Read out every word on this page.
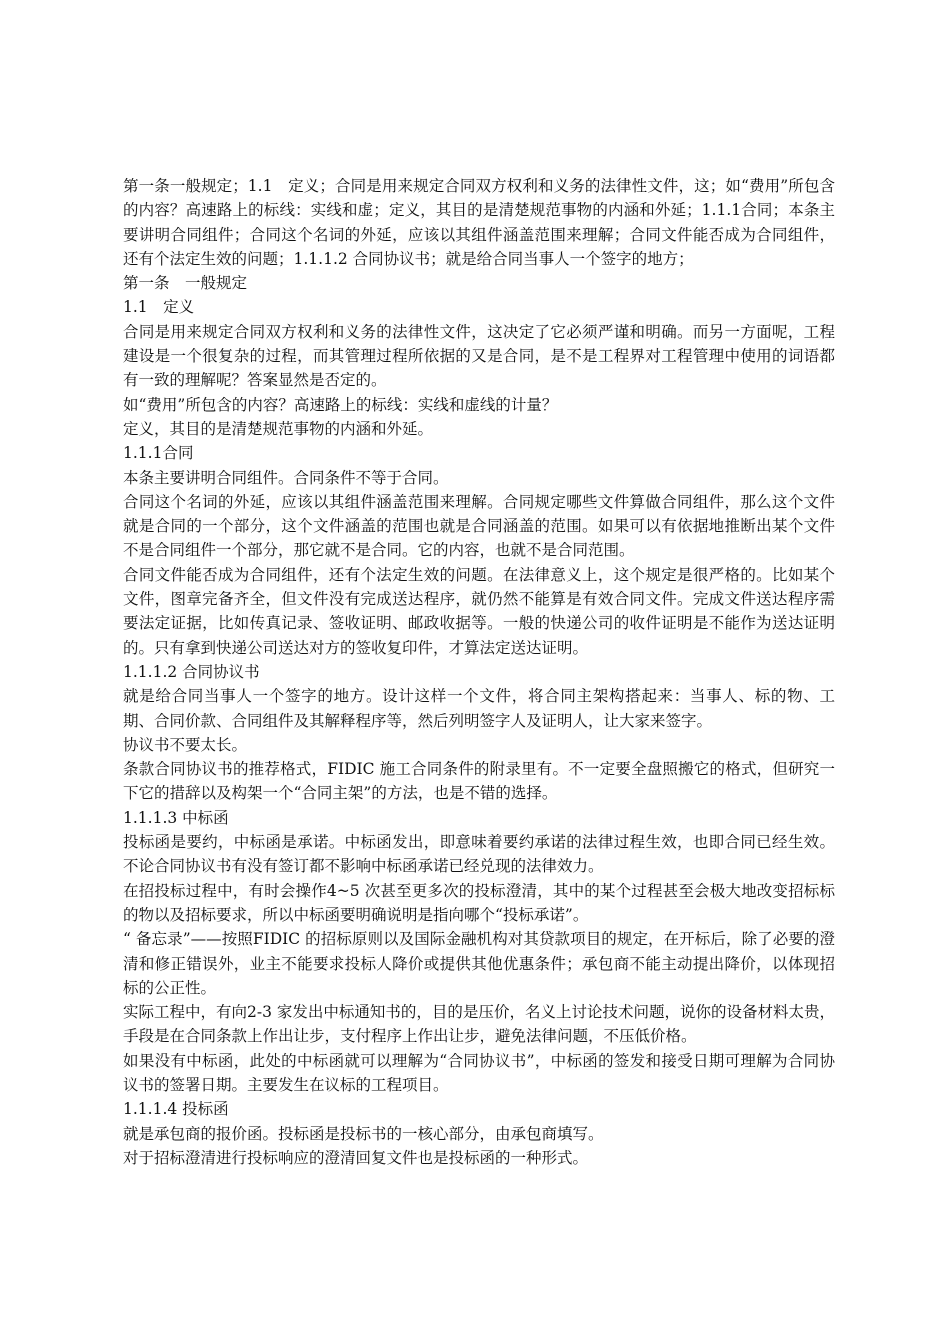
第一条一般规定；1.1　定义；合同是用来规定合同双方权利和义务的法律性文件，这；如“费用”所包含的内容？高速路上的标线：实线和虚；定义，其目的是清楚规范事物的内涵和外延；1.1.1合同；本条主要讲明合同组件；合同这个名词的外延，应该以其组件涵盖范围来理解；合同文件能否成为合同组件，还有个法定生效的问题；1.1.1.2 合同协议书；就是给合同当事人一个签字的地方；

第一条　一般规定

1.1　定义

合同是用来规定合同双方权利和义务的法律性文件，这决定了它必须严谨和明确。而另一方面呢，工程建设是一个很复杂的过程，而其管理过程所依据的又是合同，是不是工程界对工程管理中使用的词语都有一致的理解呢？答案显然是否定的。

如“费用”所包含的内容？高速路上的标线：实线和虚线的计量？

定义，其目的是清楚规范事物的内涵和外延。

1.1.1合同

本条主要讲明合同组件。合同条件不等于合同。

合同这个名词的外延，应该以其组件涵盖范围来理解。合同规定哪些文件算做合同组件，那么这个文件就是合同的一个部分，这个文件涵盖的范围也就是合同涵盖的范围。如果可以有依据地推断出某个文件不是合同组件一个部分，那它就不是合同。它的内容，也就不是合同范围。

合同文件能否成为合同组件，还有个法定生效的问题。在法律意义上，这个规定是很严格的。比如某个文件，图章完备齐全，但文件没有完成送达程序，就仍然不能算是有效合同文件。完成文件送达程序需要法定证据，比如传真记录、签收证明、邮政收据等。一般的快递公司的收件证明是不能作为送达证明的。只有拿到快递公司送达对方的签收复印件，才算法定送达证明。

1.1.1.2 合同协议书

就是给合同当事人一个签字的地方。设计这样一个文件，将合同主架构搭起来：当事人、标的物、工期、合同价款、合同组件及其解释程序等，然后列明签字人及证明人，让大家来签字。

协议书不要太长。

条款合同协议书的推荐格式，FIDIC 施工合同条件的附录里有。不一定要全盘照搬它的格式，但研究一下它的措辞以及构架一个“合同主架”的方法，也是不错的选择。

1.1.1.3 中标函

投标函是要约，中标函是承诺。中标函发出，即意味着要约承诺的法律过程生效，也即合同已经生效。不论合同协议书有没有签订都不影响中标函承诺已经兑现的法律效力。

在招投标过程中，有时会操作4~5 次甚至更多次的投标澄清，其中的某个过程甚至会极大地改变招标标的物以及招标要求，所以中标函要明确说明是指向哪个“投标承诺”。

“ 备忘录”——按照FIDIC 的招标原则以及国际金融机构对其贷款项目的规定，在开标后，除了必要的澄清和修正错误外，业主不能要求投标人降价或提供其他优惠条件；承包商不能主动提出降价，以体现招标的公正性。

实际工程中，有向2-3 家发出中标通知书的，目的是压价，名义上讨论技术问题，说你的设备材料太贵，手段是在合同条款上作出让步，支付程序上作出让步，避免法律问题，不压低价格。

如果没有中标函，此处的中标函就可以理解为“合同协议书”，中标函的签发和接受日期可理解为合同协议书的签署日期。主要发生在议标的工程项目。

1.1.1.4 投标函

就是承包商的报价函。投标函是投标书的一核心部分，由承包商填写。

对于招标澄清进行投标响应的澄清回复文件也是投标函的一种形式。
